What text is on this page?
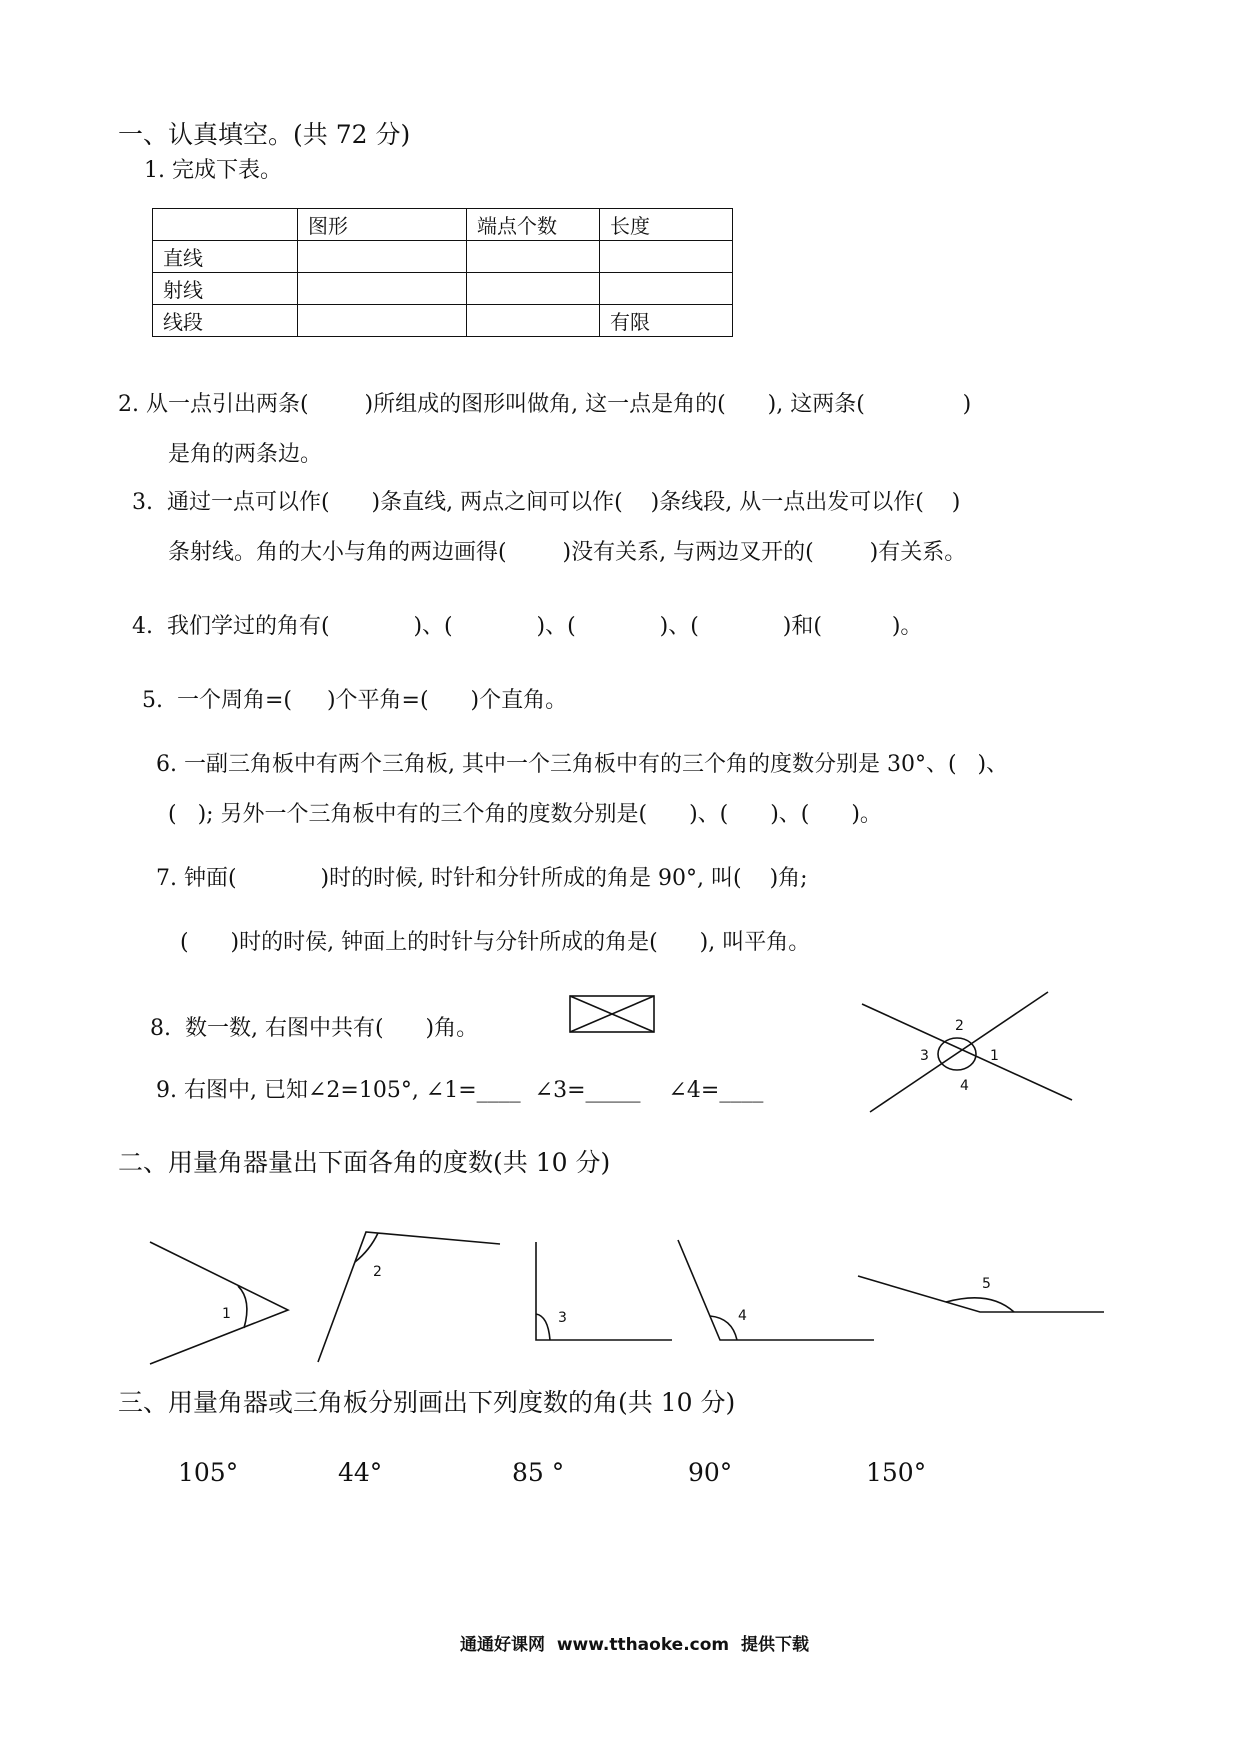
一、认真填空。(共 72 分)
1. 完成下表。
	图形	端点个数	长度
直线			
射线			
线段			有限
2. 从一点引出两条(        )所组成的图形叫做角, 这一点是角的(      ), 这两条(              )
是角的两条边。
3.  通过一点可以作(      )条直线, 两点之间可以作(    )条线段, 从一点出发可以作(    )
条射线。角的大小与角的两边画得(        )没有关系, 与两边叉开的(        )有关系。
4.  我们学过的角有(            )、(            )、(            )、(            )和(          )。
5.  一个周角=(     )个平角=(      )个直角。
6. 一副三角板中有两个三角板, 其中一个三角板中有的三个角的度数分别是 30°、(   )、
(   ); 另外一个三角板中有的三个角的度数分别是(      )、(      )、(      )。
7. 钟面(            )时的时候, 时针和分针所成的角是 90°, 叫(    )角;
(      )时的时侯, 钟面上的时针与分针所成的角是(      ), 叫平角。
8.  数一数, 右图中共有(      )角。
9. 右图中, 已知∠2=105°, ∠1=____  ∠3=_____    ∠4=____
二、用量角器量出下面各角的度数(共 10 分)
三、用量角器或三角板分别画出下列度数的角(共 10 分)
105°	44°	85 °	90°	150°
通通好课网  www.tthaoke.com  提供下载
1
2
3
4
1
2
3	4
5
